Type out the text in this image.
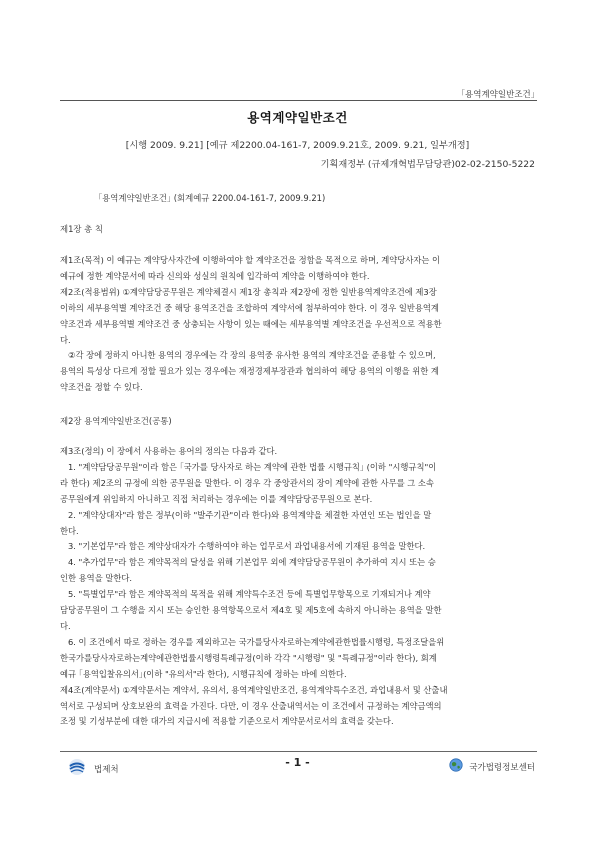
｢용역계약일반조건｣
용역계약일반조건
[시행 2009. 9.21] [예규 제2200.04-161-7, 2009.9.21호, 2009. 9.21, 일부개정]
기획재정부 (규제개혁법무담당관)02-02-2150-5222
｢용역계약일반조건｣ (회계예규 2200.04-161-7, 2009.9.21)
제1장 총 칙

제1조(목적) 이 예규는 계약당사자간에 이행하여야 할 계약조건을 정함을 목적으로 하며, 계약당사자는 이

예규에 정한 계약문서에 따라 신의와 성실의 원칙에 입각하여 계약을 이행하여야 한다.

제2조(적용범위) ①계약담당공무원은 계약체결시 제1장 총칙과 제2장에 정한 일반용역계약조건에 제3장

이하의 세부용역별 계약조건 중 해당 용역조건을 조합하여 계약서에 첨부하여야 한다. 이 경우 일반용역계

약조건과 세부용역별 계약조건 중 상충되는 사항이 있는 때에는 세부용역별 계약조건을 우선적으로 적용한

다.

②각 장에 정하지 아니한 용역의 경우에는 각 장의 용역중 유사한 용역의 계약조건을 준용할 수 있으며,

용역의 특성상 다르게 정할 필요가 있는 경우에는 재정경제부장관과 협의하여 해당 용역의 이행을 위한 계

약조건을 정할 수 있다.

제2장 용역계약일반조건(공통)

제3조(정의) 이 장에서 사용하는 용어의 정의는 다음과 같다.

1. "계약담당공무원"이라 함은 ｢국가를 당사자로 하는 계약에 관한 법률 시행규칙｣ (이하 "시행규칙"이

라 한다) 제2조의 규정에 의한 공무원을 말한다. 이 경우 각 중앙관서의 장이 계약에 관한 사무를 그 소속

공무원에게 위임하지 아니하고 직접 처리하는 경우에는 이를 계약담당공무원으로 본다.

2. "계약상대자"라 함은 정부(이하 "발주기관"이라 한다)와 용역계약을 체결한 자연인 또는 법인을 말

한다.

3. "기본업무"라 함은 계약상대자가 수행하여야 하는 업무로서 과업내용서에 기재된 용역을 말한다.

4. "추가업무"라 함은 계약목적의 달성을 위해 기본업무 외에 계약담당공무원이 추가하여 지시 또는 승

인한 용역을 말한다.

5. "특별업무"라 함은 계약목적의 목적을 위해 계약특수조건 등에 특별업무항목으로 기재되거나 계약

담당공무원이 그 수행을 지시 또는 승인한 용역항목으로서 제4호 및 제5호에 속하지 아니하는 용역을 말한

다.

6. 이 조건에서 따로 정하는 경우를 제외하고는 국가를당사자로하는계약에관한법률시행령, 특정조달을위

한국가를당사자로하는계약에관한법률시행령특례규정(이하 각각 "시행령" 및 "특례규정"이라 한다), 회계

예규 ｢용역입찰유의서｣(이하 "유의서"라 한다), 시행규칙에 정하는 바에 의한다.

제4조(계약문서) ①계약문서는 계약서, 유의서, 용역계약일반조건, 용역계약특수조건, 과업내용서 및 산출내

역서로 구성되며 상호보완의 효력을 가진다. 다만, 이 경우 산출내역서는 이 조건에서 규정하는 계약금액의

조정 및 기성부분에 대한 대가의 지급시에 적용할 기준으로서 계약문서로서의 효력을 갖는다.

법제처
- 1 -	국가법령정보센터
